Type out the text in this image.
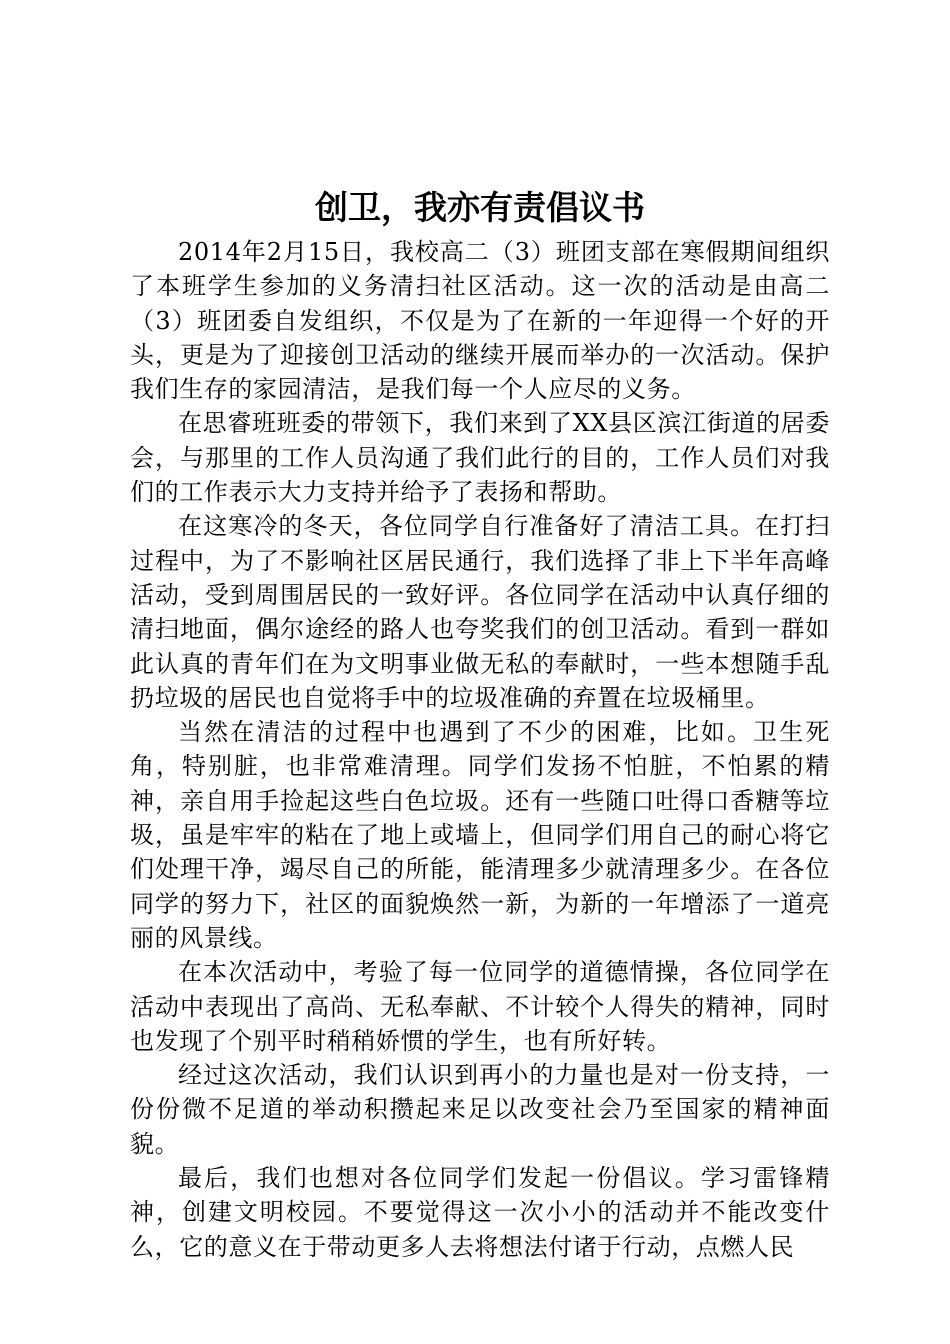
创卫，我亦有责倡议书

2014年2月15日，我校高二（3）班团支部在寒假期间组织了本班学生参加的义务清扫社区活动。这一次的活动是由高二（3）班团委自发组织，不仅是为了在新的一年迎得一个好的开头，更是为了迎接创卫活动的继续开展而举办的一次活动。保护我们生存的家园清洁，是我们每一个人应尽的义务。

在思睿班班委的带领下，我们来到了XX县区滨江街道的居委会，与那里的工作人员沟通了我们此行的目的，工作人员们对我们的工作表示大力支持并给予了表扬和帮助。

在这寒冷的冬天，各位同学自行准备好了清洁工具。在打扫过程中，为了不影响社区居民通行，我们选择了非上下半年高峰活动，受到周围居民的一致好评。各位同学在活动中认真仔细的清扫地面，偶尔途经的路人也夸奖我们的创卫活动。看到一群如此认真的青年们在为文明事业做无私的奉献时，一些本想随手乱扔垃圾的居民也自觉将手中的垃圾准确的弃置在垃圾桶里。

当然在清洁的过程中也遇到了不少的困难，比如。卫生死角，特别脏，也非常难清理。同学们发扬不怕脏，不怕累的精神，亲自用手捡起这些白色垃圾。还有一些随口吐得口香糖等垃圾，虽是牢牢的粘在了地上或墙上，但同学们用自己的耐心将它们处理干净，竭尽自己的所能，能清理多少就清理多少。在各位同学的努力下，社区的面貌焕然一新，为新的一年增添了一道亮丽的风景线。

在本次活动中，考验了每一位同学的道德情操，各位同学在活动中表现出了高尚、无私奉献、不计较个人得失的精神，同时也发现了个别平时稍稍娇惯的学生，也有所好转。

经过这次活动，我们认识到再小的力量也是对一份支持，一份份微不足道的举动积攒起来足以改变社会乃至国家的精神面貌。

最后，我们也想对各位同学们发起一份倡议。学习雷锋精神，创建文明校园。不要觉得这一次小小的活动并不能改变什么，它的意义在于带动更多人去将想法付诸于行动，点燃人民
